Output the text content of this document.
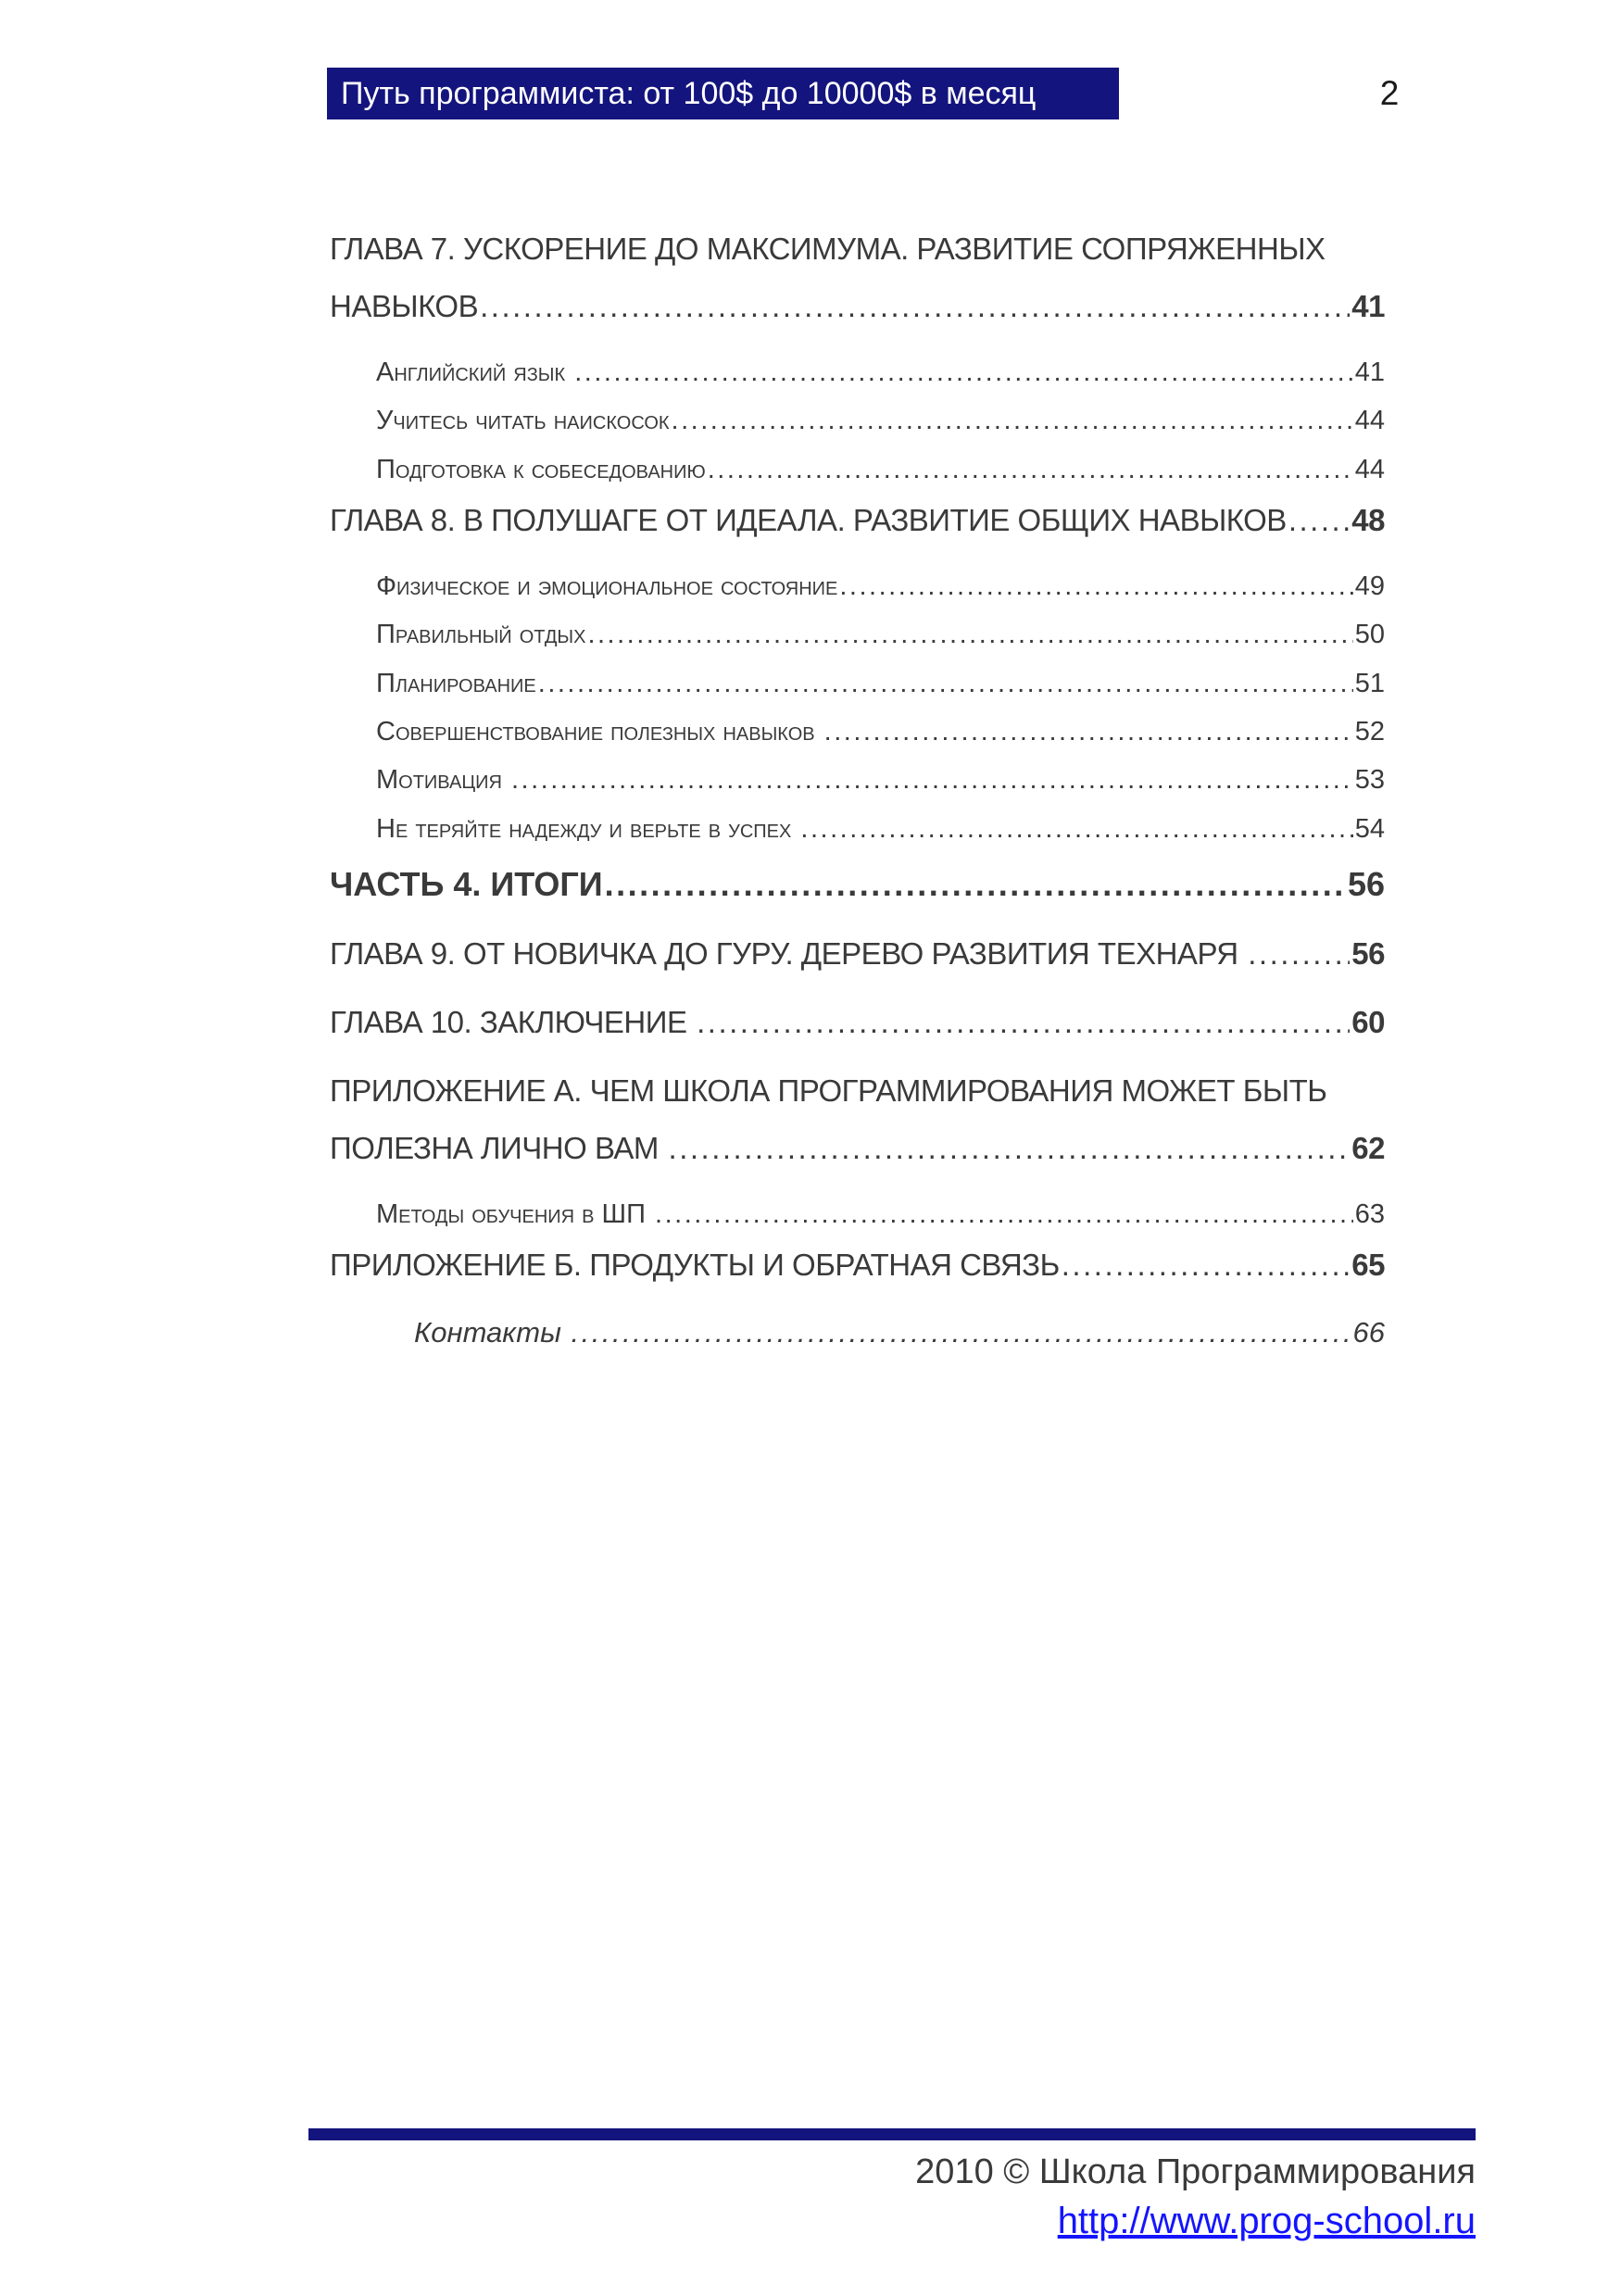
Путь программиста: от 100$ до 10000$ в месяц	2
ГЛАВА 7. УСКОРЕНИЕ ДО МАКСИМУМА. РАЗВИТИЕ СОПРЯЖЕННЫХ
НАВЫКОВ .....	41
Английский язык .....	41
Учитесь читать наискосок .....	44
Подготовка к собеседованию .....	44
ГЛАВА 8. В ПОЛУШАГЕ ОТ ИДЕАЛА. РАЗВИТИЕ ОБЩИХ НАВЫКОВ ..... 48
Физическое и эмоциональное состояние .....	49
Правильный отдых .....	50
Планирование .....	51
Совершенствование полезных навыков .....	52
Мотивация .....	53
Не теряйте надежду и верьте в успех .....	54
ЧАСТЬ 4. ИТОГИ .....	56
ГЛАВА 9. ОТ НОВИЧКА ДО ГУРУ. ДЕРЕВО РАЗВИТИЯ ТЕХНАРЯ .....	56
ГЛАВА 10. ЗАКЛЮЧЕНИЕ .....	60
ПРИЛОЖЕНИЕ А. ЧЕМ ШКОЛА ПРОГРАММИРОВАНИЯ МОЖЕТ БЫТЬ
ПОЛЕЗНА ЛИЧНО ВАМ .....	62
Методы обучения в ШП .....	63
ПРИЛОЖЕНИЕ Б. ПРОДУКТЫ И ОБРАТНАЯ СВЯЗЬ .....	65
Контакты .....	66
2010 © Школа Программирования
http://www.prog-school.ru
